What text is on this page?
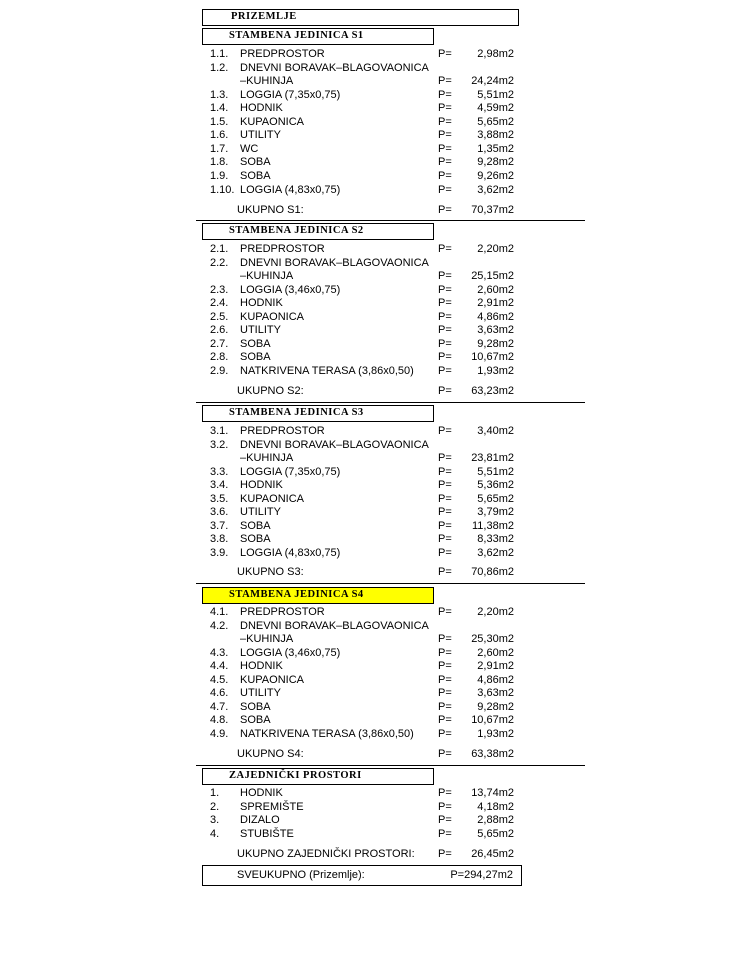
PRIZEMLJE
SVEUKUPNO (Prizemlje):	P=294,27m2
STAMBENA JEDINICA S1
1.1. PREDPROSTOR	P= 2,98m2
1.2. DNEVNI BORAVAK–BLAGOVAONICA
–KUHINJA	P= 24,24m2
1.3. LOGGIA (7,35x0,75)	P= 5,51m2
1.4. HODNIK	P= 4,59m2
1.5. KUPAONICA	P= 5,65m2
1.6. UTILITY	P= 3,88m2
1.7. WC	P= 1,35m2
1.8. SOBA	P= 9,28m2
1.9. SOBA	P= 9,26m2
1.10. LOGGIA (4,83x0,75)	P= 3,62m2
UKUPNO S1:	P= 70,37m2
STAMBENA JEDINICA S2
2.1. PREDPROSTOR	P= 2,20m2
2.2. DNEVNI BORAVAK–BLAGOVAONICA
–KUHINJA	P= 25,15m2
2.3. LOGGIA (3,46x0,75)	P= 2,60m2
2.4. HODNIK	P= 2,91m2
2.5. KUPAONICA	P= 4,86m2
2.6. UTILITY	P= 3,63m2
2.7. SOBA	P= 9,28m2
2.8. SOBA	P= 10,67m2
2.9. NATKRIVENA TERASA (3,86x0,50) P= 1,93m2
UKUPNO S2:	P= 63,23m2
STAMBENA JEDINICA S3
3.1. PREDPROSTOR	P= 3,40m2
3.2. DNEVNI BORAVAK–BLAGOVAONICA
–KUHINJA	P= 23,81m2
3.3. LOGGIA (7,35x0,75)	P= 5,51m2
3.4. HODNIK	P= 5,36m2
3.5. KUPAONICA	P= 5,65m2
3.6. UTILITY	P= 3,79m2
3.7. SOBA	P= 11,38m2
3.8. SOBA	P= 8,33m2
3.9. LOGGIA (4,83x0,75)	P= 3,62m2
UKUPNO S3:	P= 70,86m2
STAMBENA JEDINICA S4
4.1. PREDPROSTOR	P= 2,20m2
4.2. DNEVNI BORAVAK–BLAGOVAONICA
–KUHINJA	P= 25,30m2
4.3. LOGGIA (3,46x0,75)	P= 2,60m2
4.4. HODNIK	P= 2,91m2
4.5. KUPAONICA	P= 4,86m2
4.6. UTILITY	P= 3,63m2
4.7. SOBA	P= 9,28m2
4.8. SOBA	P= 10,67m2
4.9. NATKRIVENA TERASA (3,86x0,50) P= 1,93m2
UKUPNO S4:	P= 63,38m2
ZAJEDNIČKI PROSTORI
1. HODNIK	P= 13,74m2
2. SPREMIŠTE	P= 4,18m2
3. DIZALO	P= 2,88m2
4. STUBIŠTE	P= 5,65m2
UKUPNO ZAJEDNIČKI PROSTORI: P= 26,45m2
